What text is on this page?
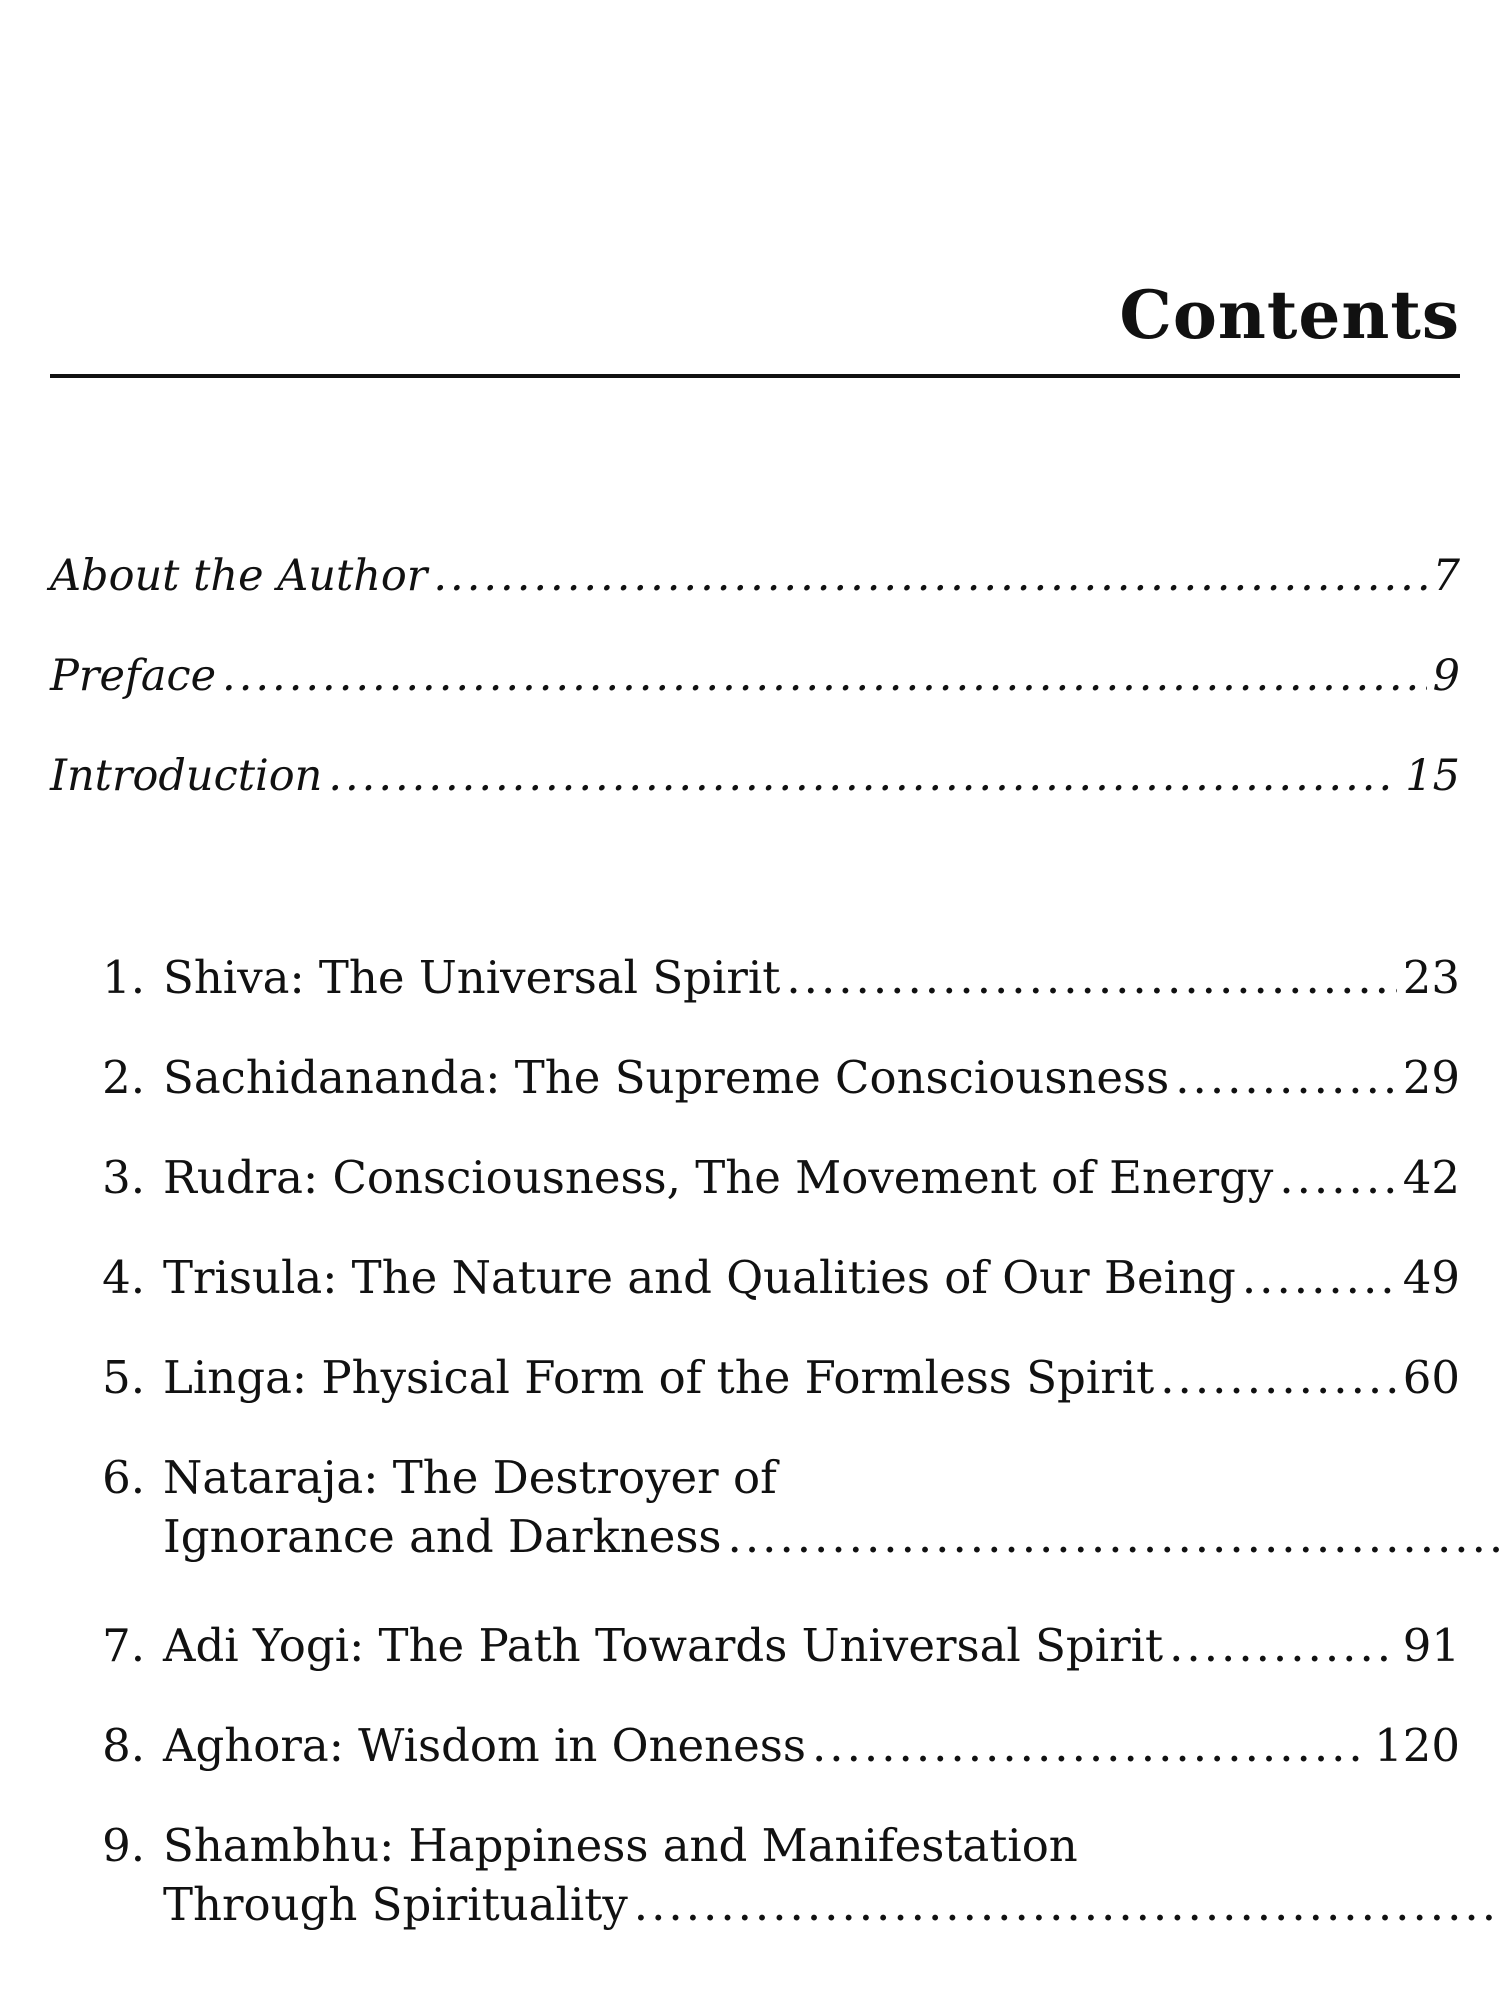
Contents
About the Author .....	7
Preface .....	9
Introduction .....	15
1. Shiva: The Universal Spirit .....	23
2. Sachidananda: The Supreme Consciousness .....	29
3. Rudra: Consciousness, The Movement of Energy .....	42
4. Trisula: The Nature and Qualities of Our Being .....	49
5. Linga: Physical Form of the Formless Spirit .....	60
6. Nataraja: The Destroyer of
Ignorance and Darkness
.....
7. Adi Yogi: The Path Towards Universal Spirit .....	91
8. Aghora: Wisdom in Oneness .....	120
9. Shambhu: Happiness and Manifestation
Through Spirituality
.....
